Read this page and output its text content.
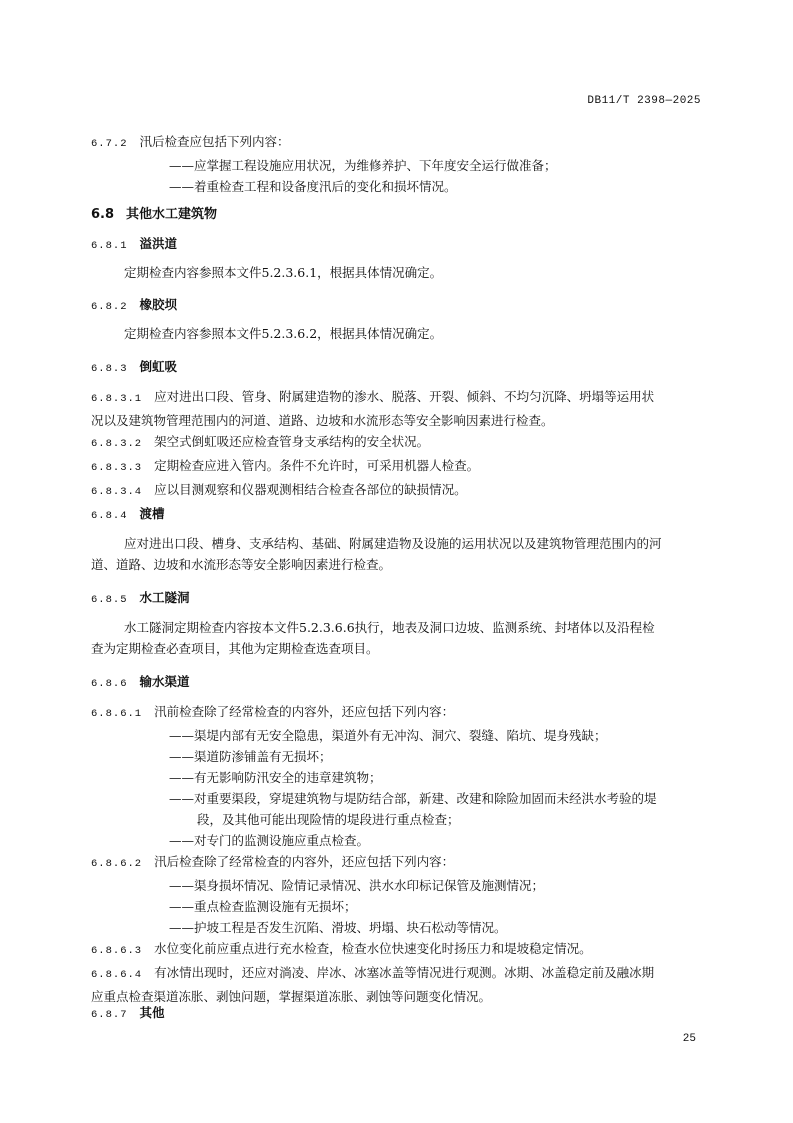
DB11/T 2398—2025
6.7.2 汛后检查应包括下列内容：
——应掌握工程设施应用状况，为维修养护、下年度安全运行做准备；
——着重检查工程和设备度汛后的变化和损坏情况。
6.8 其他水工建筑物
6.8.1 溢洪道
定期检查内容参照本文件5.2.3.6.1，根据具体情况确定。
6.8.2 橡胶坝
定期检查内容参照本文件5.2.3.6.2，根据具体情况确定。
6.8.3 倒虹吸
6.8.3.1 应对进出口段、管身、附属建造物的渗水、脱落、开裂、倾斜、不均匀沉降、坍塌等运用状
况以及建筑物管理范围内的河道、道路、边坡和水流形态等安全影响因素进行检查。
6.8.3.2 架空式倒虹吸还应检查管身支承结构的安全状况。
6.8.3.3 定期检查应进入管内。条件不允许时，可采用机器人检查。
6.8.3.4 应以目测观察和仪器观测相结合检查各部位的缺损情况。
6.8.4 渡槽
应对进出口段、槽身、支承结构、基础、附属建造物及设施的运用状况以及建筑物管理范围内的河
道、道路、边坡和水流形态等安全影响因素进行检查。
6.8.5 水工隧洞
水工隧洞定期检查内容按本文件5.2.3.6.6执行，地表及洞口边坡、监测系统、封堵体以及沿程检
查为定期检查必查项目，其他为定期检查选查项目。
6.8.6 输水渠道
6.8.6.1 汛前检查除了经常检查的内容外，还应包括下列内容：
——渠堤内部有无安全隐患，渠道外有无冲沟、洞穴、裂缝、陷坑、堤身残缺；
——渠道防渗铺盖有无损坏；
——有无影响防汛安全的违章建筑物；
——对重要渠段，穿堤建筑物与堤防结合部，新建、改建和除险加固而未经洪水考验的堤
段，及其他可能出现险情的堤段进行重点检查；
——对专门的监测设施应重点检查。
6.8.6.2 汛后检查除了经常检查的内容外，还应包括下列内容：
——渠身损坏情况、险情记录情况、洪水水印标记保管及施测情况；
——重点检查监测设施有无损坏；
——护坡工程是否发生沉陷、滑坡、坍塌、块石松动等情况。
6.8.6.3 水位变化前应重点进行充水检查，检查水位快速变化时扬压力和堤坡稳定情况。
6.8.6.4 有冰情出现时，还应对淌凌、岸冰、冰塞冰盖等情况进行观测。冰期、冰盖稳定前及融冰期
应重点检查渠道冻胀、剥蚀问题，掌握渠道冻胀、剥蚀等问题变化情况。
6.8.7 其他
25
